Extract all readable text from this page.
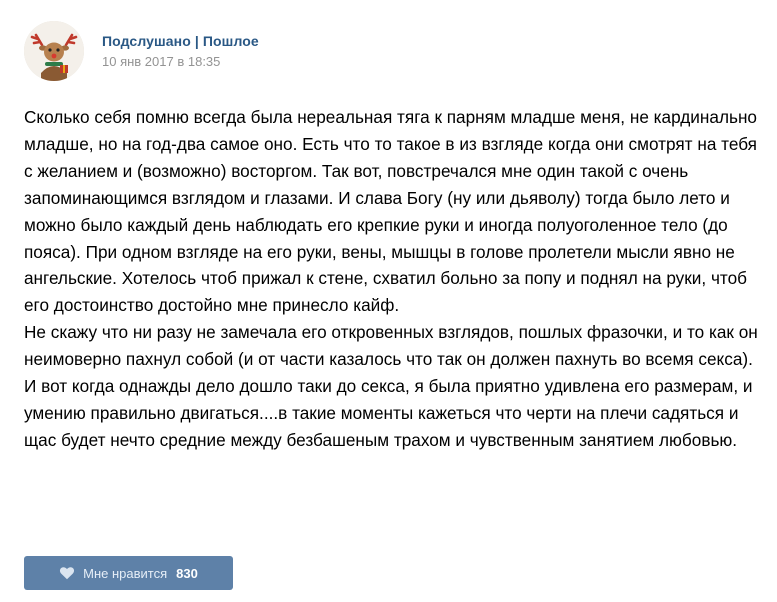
Подслушано | Пошлое
10 янв 2017 в 18:35

Сколько себя помню всегда была нереальная тяга к парням младше меня, не кардинально младше, но на год-два самое оно. Есть что то такое в из взгляде когда они смотрят на тебя с желанием и (возможно) восторгом. Так вот, повстречался мне один такой с очень запоминающимся взглядом и глазами. И слава Богу (ну или дьяволу) тогда было лето и можно было каждый день наблюдать его крепкие руки и иногда полуоголенное тело (до пояса). При одном взгляде на его руки, вены, мышцы в голове пролетели мысли явно не ангельские. Хотелось чтоб прижал к стене, схватил больно за попу и поднял на руки, чтоб его достоинство достойно мне принесло кайф.

Не скажу что ни разу не замечала его откровенных взглядов, пошлых фразочки, и то как он неимоверно пахнул собой (и от части казалось что так он должен пахнуть во всемя секса).

И вот когда однажды дело дошло таки до секса, я была приятно удивлена его размерам, и умению правильно двигаться....в такие моменты кажеться что черти на плечи садяться и щас будет нечто средние между безбашеным трахом и чувственным занятием любовью.

Мне нравится 830
